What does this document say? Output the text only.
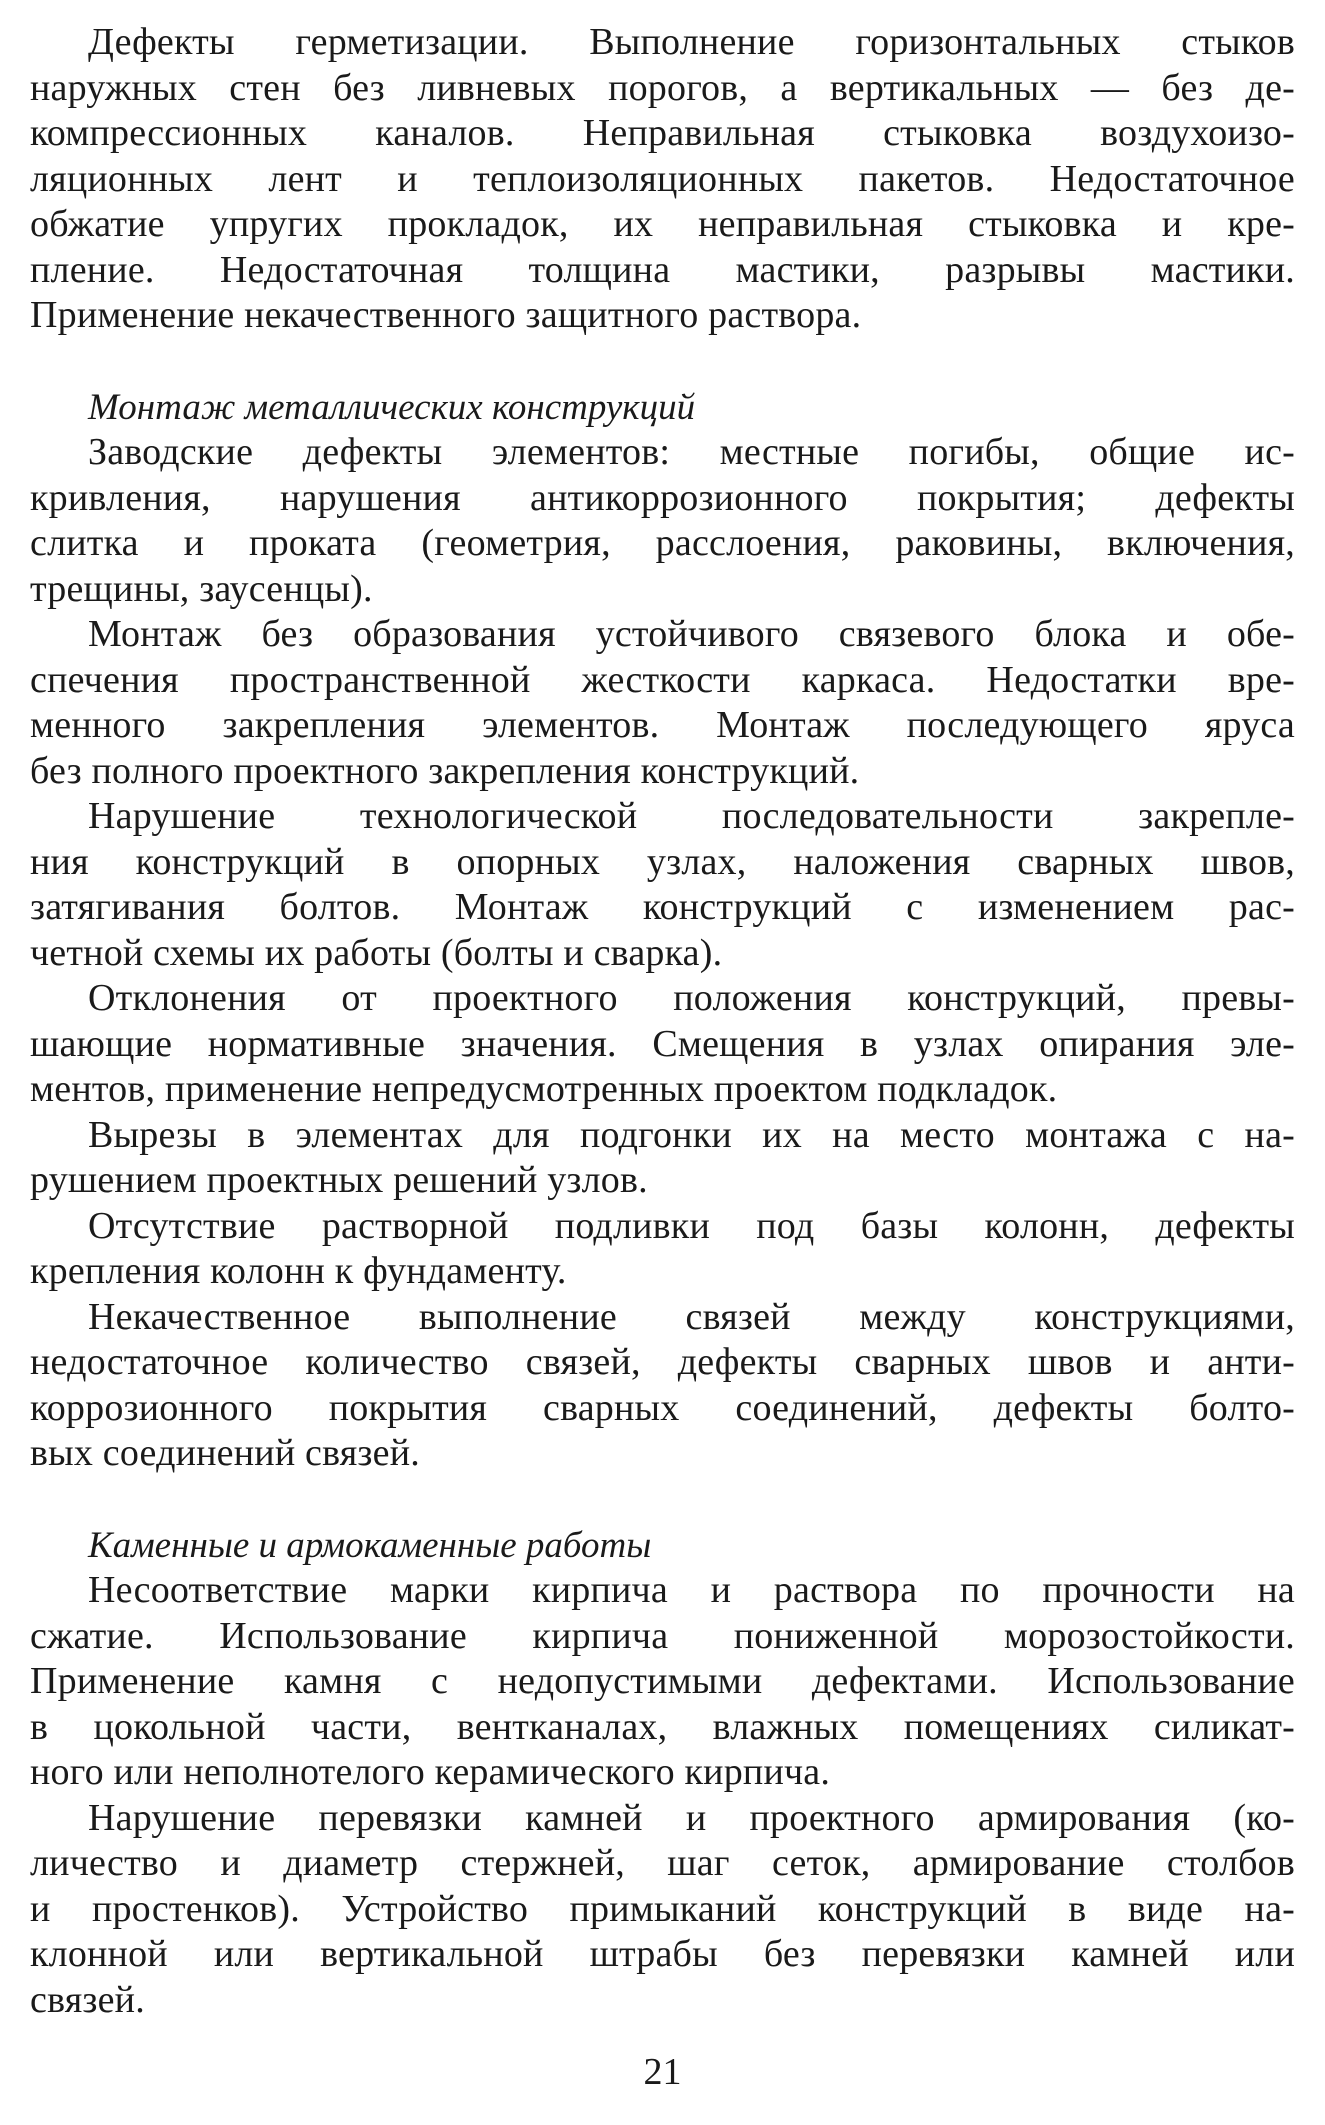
Дефекты герметизации. Выполнение горизонтальных стыков
наружных стен без ливневых порогов, а вертикальных — без де-
компрессионных каналов. Неправильная стыковка воздухоизо-
ляционных лент и теплоизоляционных пакетов. Недостаточное
обжатие упругих прокладок, их неправильная стыковка и кре-
пление. Недостаточная толщина мастики, разрывы мастики.
Применение некачественного защитного раствора.
Монтаж металлических конструкций
Заводские дефекты элементов: местные погибы, общие ис-
кривления, нарушения антикоррозионного покрытия; дефекты
слитка и проката (геометрия, расслоения, раковины, включения,
трещины, заусенцы).
Монтаж без образования устойчивого связевого блока и обе-
спечения пространственной жесткости каркаса. Недостатки вре-
менного закрепления элементов. Монтаж последующего яруса
без полного проектного закрепления конструкций.
Нарушение технологической последовательности закрепле-
ния конструкций в опорных узлах, наложения сварных швов,
затягивания болтов. Монтаж конструкций с изменением рас-
четной схемы их работы (болты и сварка).
Отклонения от проектного положения конструкций, превы-
шающие нормативные значения. Смещения в узлах опирания эле-
ментов, применение непредусмотренных проектом подкладок.
Вырезы в элементах для подгонки их на место монтажа с на-
рушением проектных решений узлов.
Отсутствие растворной подливки под базы колонн, дефекты
крепления колонн к фундаменту.
Некачественное выполнение связей между конструкциями,
недостаточное количество связей, дефекты сварных швов и анти-
коррозионного покрытия сварных соединений, дефекты болто-
вых соединений связей.
Каменные и армокаменные работы
Несоответствие марки кирпича и раствора по прочности на
сжатие. Использование кирпича пониженной морозостойкости.
Применение камня с недопустимыми дефектами. Использование
в цокольной части, вентканалах, влажных помещениях силикат-
ного или неполнотелого керамического кирпича.
Нарушение перевязки камней и проектного армирования (ко-
личество и диаметр стержней, шаг сеток, армирование столбов
и простенков). Устройство примыканий конструкций в виде на-
клонной или вертикальной штрабы без перевязки камней или
связей.
21
